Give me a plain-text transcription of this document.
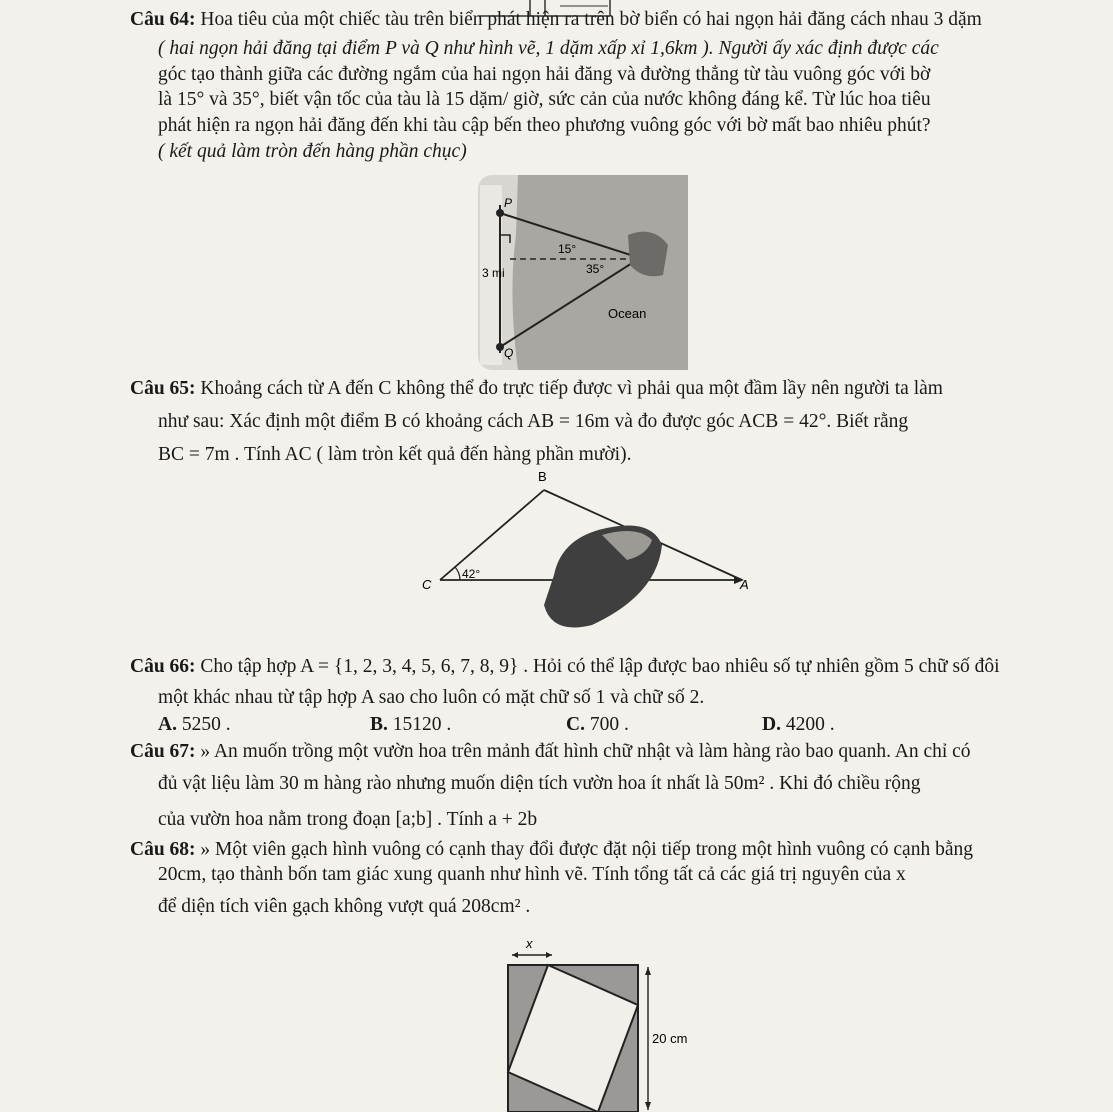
Câu 64: Hoa tiêu của một chiếc tàu trên biển phát hiện ra trên bờ biển có hai ngọn hải đăng cách nhau 3 dặm
( hai ngọn hải đăng tại điểm P và Q như hình vẽ, 1 dặm xấp xỉ 1,6km ). Người ấy xác định được các
góc tạo thành giữa các đường ngắm của hai ngọn hải đăng và đường thẳng từ tàu vuông góc với bờ
là 15° và 35°, biết vận tốc của tàu là 15 dặm/ giờ, sức cản của nước không đáng kể. Từ lúc hoa tiêu
phát hiện ra ngọn hải đăng đến khi tàu cập bến theo phương vuông góc với bờ mất bao nhiêu phút?
( kết quả làm tròn đến hàng phần chục)
P
Q
3 mi
15°
35°
Ocean
Câu 65: Khoảng cách từ A đến C không thể đo trực tiếp được vì phải qua một đầm lầy nên người ta làm
như sau: Xác định một điểm B có khoảng cách AB = 16m và đo được góc ACB = 42°. Biết rằng
BC = 7m . Tính AC ( làm tròn kết quả đến hàng phần mười).
B
C	A
42°
Câu 66: Cho tập hợp A = {1, 2, 3, 4, 5, 6, 7, 8, 9} . Hỏi có thể lập được bao nhiêu số tự nhiên gồm 5 chữ số đôi
một khác nhau từ tập hợp A sao cho luôn có mặt chữ số 1 và chữ số 2.
A. 5250 .	B. 15120 .	C. 700 .	D. 4200 .
Câu 67: » An muốn trồng một vườn hoa trên mảnh đất hình chữ nhật và làm hàng rào bao quanh. An chỉ có
đủ vật liệu làm 30 m hàng rào nhưng muốn diện tích vườn hoa ít nhất là 50m² . Khi đó chiều rộng
của vườn hoa nằm trong đoạn [a;b] . Tính a + 2b
Câu 68: » Một viên gạch hình vuông có cạnh thay đổi được đặt nội tiếp trong một hình vuông có cạnh bằng
20cm, tạo thành bốn tam giác xung quanh như hình vẽ. Tính tổng tất cả các giá trị nguyên của x
để diện tích viên gạch không vượt quá 208cm² .
x
20 cm
